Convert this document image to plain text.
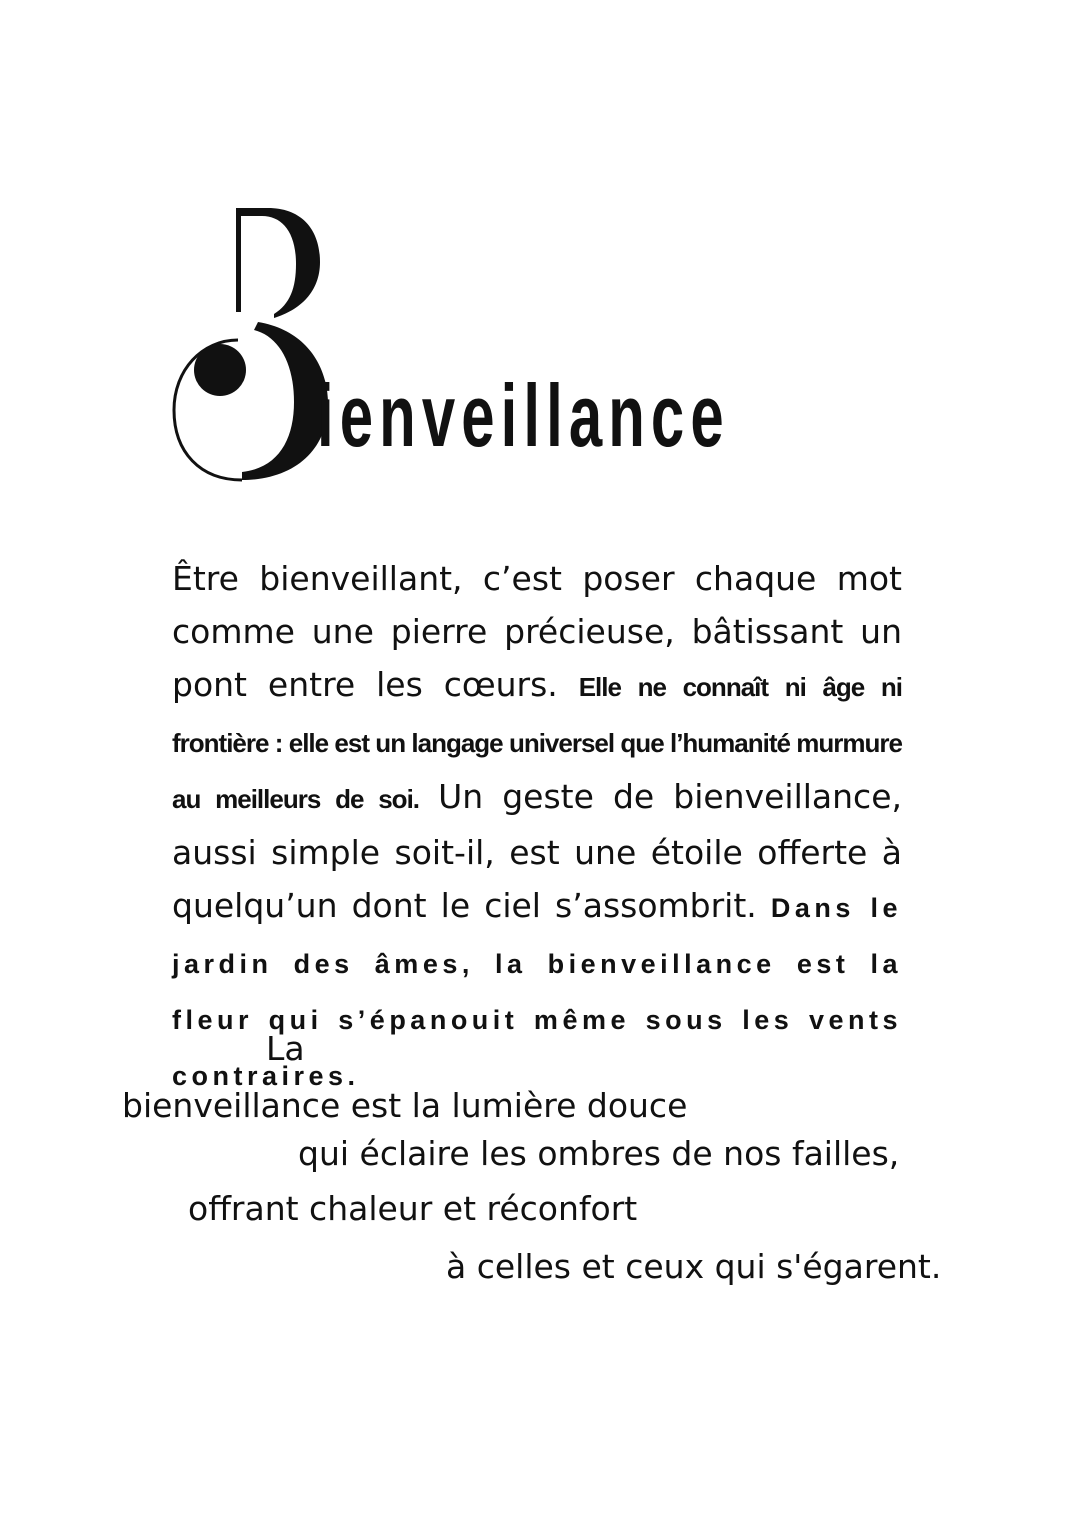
ienveillance
Être bienveillant, c’est poser chaque mot comme une pierre précieuse, bâtissant un pont entre les cœurs. Elle ne connaît ni âge ni frontière : elle est un langage universel que l’humanité murmure au meilleurs de soi. Un geste de bienveillance, aussi simple soit-il, est une étoile offerte à quelqu’un dont le ciel s’assombrit. Dans le jardin des âmes, la bienveillance est la fleur qui s’épanouit même sous les vents contraires.
La
bienveillance est la lumière douce
qui éclaire les ombres de nos failles,
offrant chaleur et réconfort
à celles et ceux qui s'égarent.
